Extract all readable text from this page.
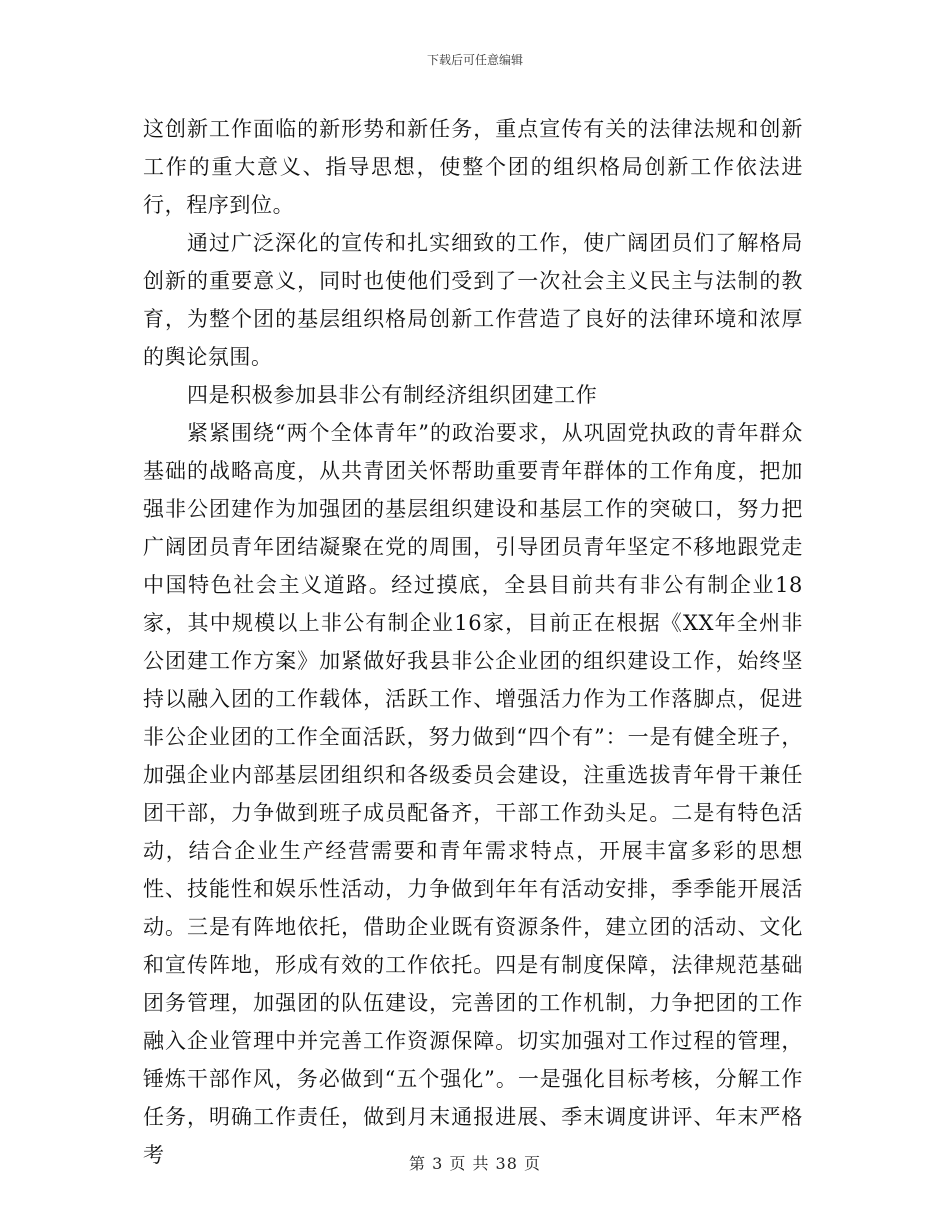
下载后可任意编辑

这创新工作面临的新形势和新任务，重点宣传有关的法律法规和创新工作的重大意义、指导思想，使整个团的组织格局创新工作依法进行，程序到位。

通过广泛深化的宣传和扎实细致的工作，使广阔团员们了解格局创新的重要意义，同时也使他们受到了一次社会主义民主与法制的教育，为整个团的基层组织格局创新工作营造了良好的法律环境和浓厚的舆论氛围。

四是积极参加县非公有制经济组织团建工作

紧紧围绕“两个全体青年”的政治要求，从巩固党执政的青年群众基础的战略高度，从共青团关怀帮助重要青年群体的工作角度，把加强非公团建作为加强团的基层组织建设和基层工作的突破口，努力把广阔团员青年团结凝聚在党的周围，引导团员青年坚定不移地跟党走中国特色社会主义道路。经过摸底，全县目前共有非公有制企业18家，其中规模以上非公有制企业16家，目前正在根据《XX年全州非公团建工作方案》加紧做好我县非公企业团的组织建设工作，始终坚持以融入团的工作载体，活跃工作、增强活力作为工作落脚点，促进非公企业团的工作全面活跃，努力做到“四个有”：一是有健全班子，加强企业内部基层团组织和各级委员会建设，注重选拔青年骨干兼任团干部，力争做到班子成员配备齐，干部工作劲头足。二是有特色活动，结合企业生产经营需要和青年需求特点，开展丰富多彩的思想性、技能性和娱乐性活动，力争做到年年有活动安排，季季能开展活动。三是有阵地依托，借助企业既有资源条件，建立团的活动、文化和宣传阵地，形成有效的工作依托。四是有制度保障，法律规范基础团务管理，加强团的队伍建设，完善团的工作机制，力争把团的工作融入企业管理中并完善工作资源保障。切实加强对工作过程的管理，锤炼干部作风，务必做到“五个强化”。一是强化目标考核，分解工作任务，明确工作责任，做到月末通报进展、季末调度讲评、年末严格考	第 3 页 共 38 页
